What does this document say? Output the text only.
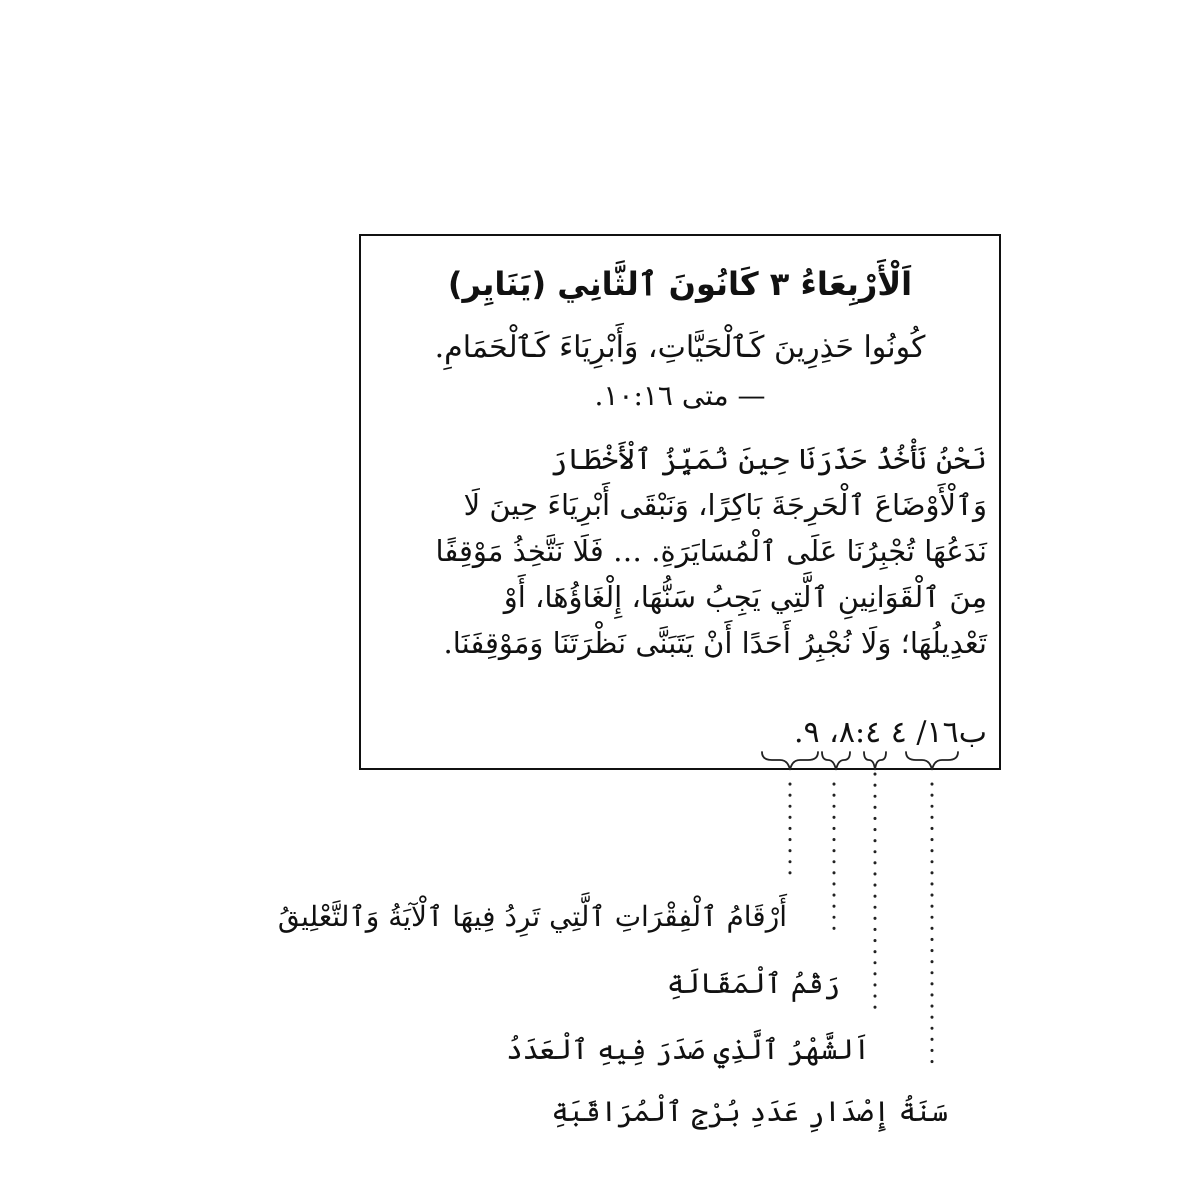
اَلْأَرْبِعَاءُ ٣ كَانُونَ ٱلثَّانِي (يَنَايِر)
كُونُوا حَذِرِينَ كَٱلْحَيَّاتِ، وَأَبْرِيَاءَ كَٱلْحَمَامِ.
— متى ١٠:١٦.
نَحْنُ نَأْخُذُ حَذَرَنَا حِينَ نُمَيِّزُ ٱلْأَخْطَارَ
وَٱلْأَوْضَاعَ ٱلْحَرِجَةَ بَاكِرًا، وَنَبْقَى أَبْرِيَاءَ حِينَ لَا
نَدَعُهَا تُجْبِرُنَا عَلَى ٱلْمُسَايَرَةِ. … فَلَا نَتَّخِذُ مَوْقِفًا
مِنَ ٱلْقَوَانِينِ ٱلَّتِي يَجِبُ سَنُّهَا، إِلْغَاؤُهَا، أَوْ
تَعْدِيلُهَا؛ وَلَا نُجْبِرُ أَحَدًا أَنْ يَتَبَنَّى نَظْرَتَنَا وَمَوْقِفَنَا.
ب١٦/ ٤ ٨:٤، ٩.
أَرْقَامُ ٱلْفِقْرَاتِ ٱلَّتِي تَرِدُ فِيهَا ٱلْآيَةُ وَٱلتَّعْلِيقُ
رَقْمُ ٱلْمَقَالَةِ
اَلشَّهْرُ ٱلَّذِي صَدَرَ فِيهِ ٱلْعَدَدُ
سَنَةُ إِصْدَارِ عَدَدِ بُرْجِ ٱلْمُرَاقَبَةِ
